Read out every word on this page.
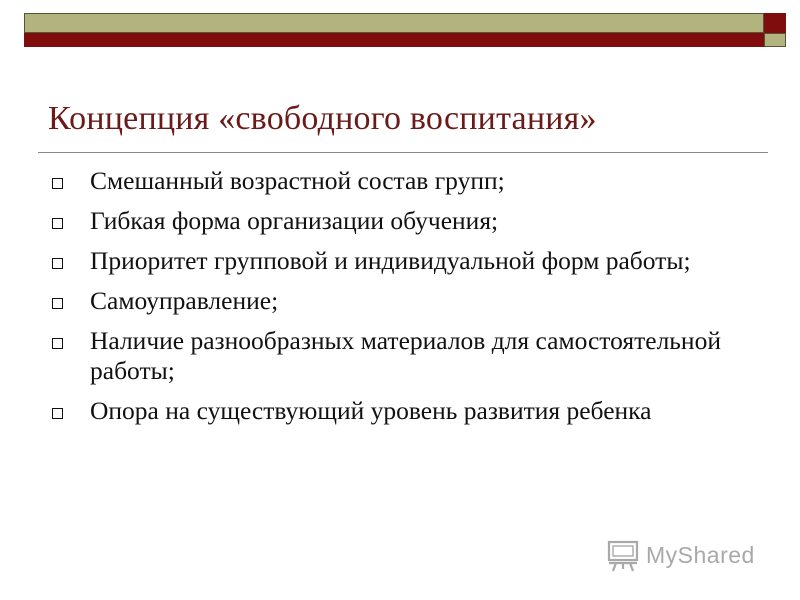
Концепция «свободного воспитания»
Смешанный возрастной состав групп;
Гибкая форма организации обучения;
Приоритет групповой и индивидуальной форм работы;
Самоуправление;
Наличие разнообразных материалов для самостоятельной работы;
Опора на существующий уровень развития ребенка
MyShared
